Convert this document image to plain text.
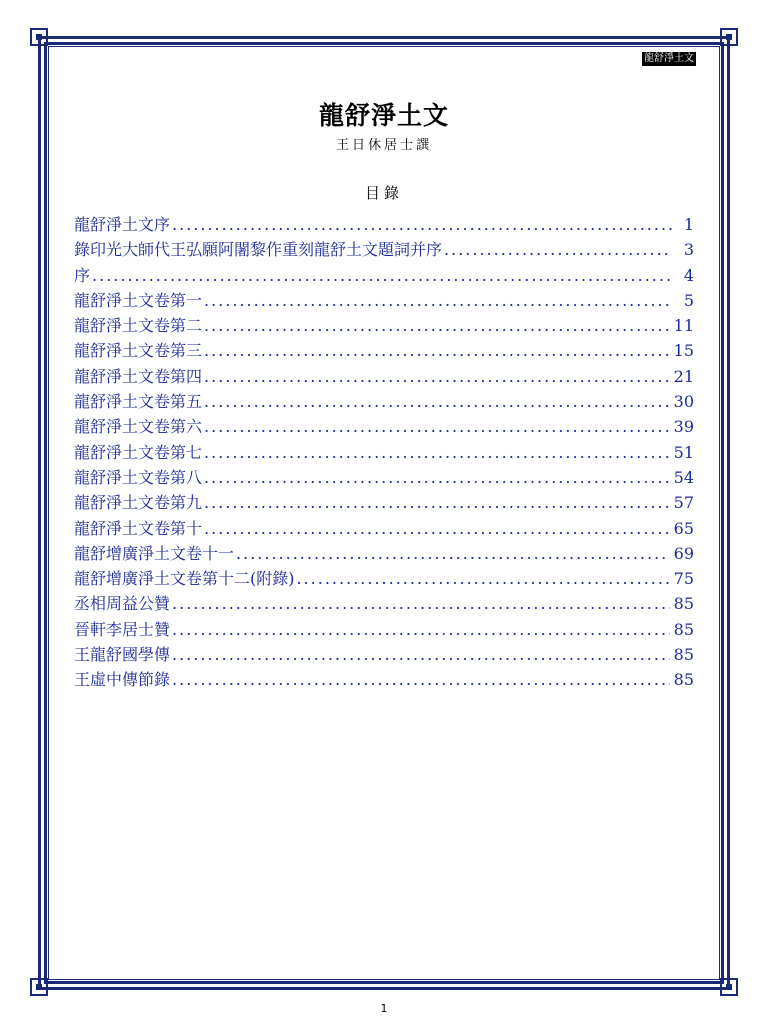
龍舒淨土文
龍舒淨土文
王日休居士譔
目錄
龍舒淨土文序 .....	1
錄印光大師代王弘願阿闍黎作重刻龍舒土文題詞并序 .....	3
序 .....	4
龍舒淨土文卷第一 .....	5
龍舒淨土文卷第二 .....	11
龍舒淨土文卷第三 .....	15
龍舒淨土文卷第四 .....	21
龍舒淨土文卷第五 .....	30
龍舒淨土文卷第六 .....	39
龍舒淨土文卷第七 .....	51
龍舒淨土文卷第八 .....	54
龍舒淨土文卷第九 .....	57
龍舒淨土文卷第十 .....	65
龍舒增廣淨土文卷十一 .....	69
龍舒增廣淨土文卷第十二(附錄) .....	75
丞相周益公贊 .....	85
晉軒李居士贊 .....	85
王龍舒國學傳 .....	85
王虛中傳節錄 .....	85
1
